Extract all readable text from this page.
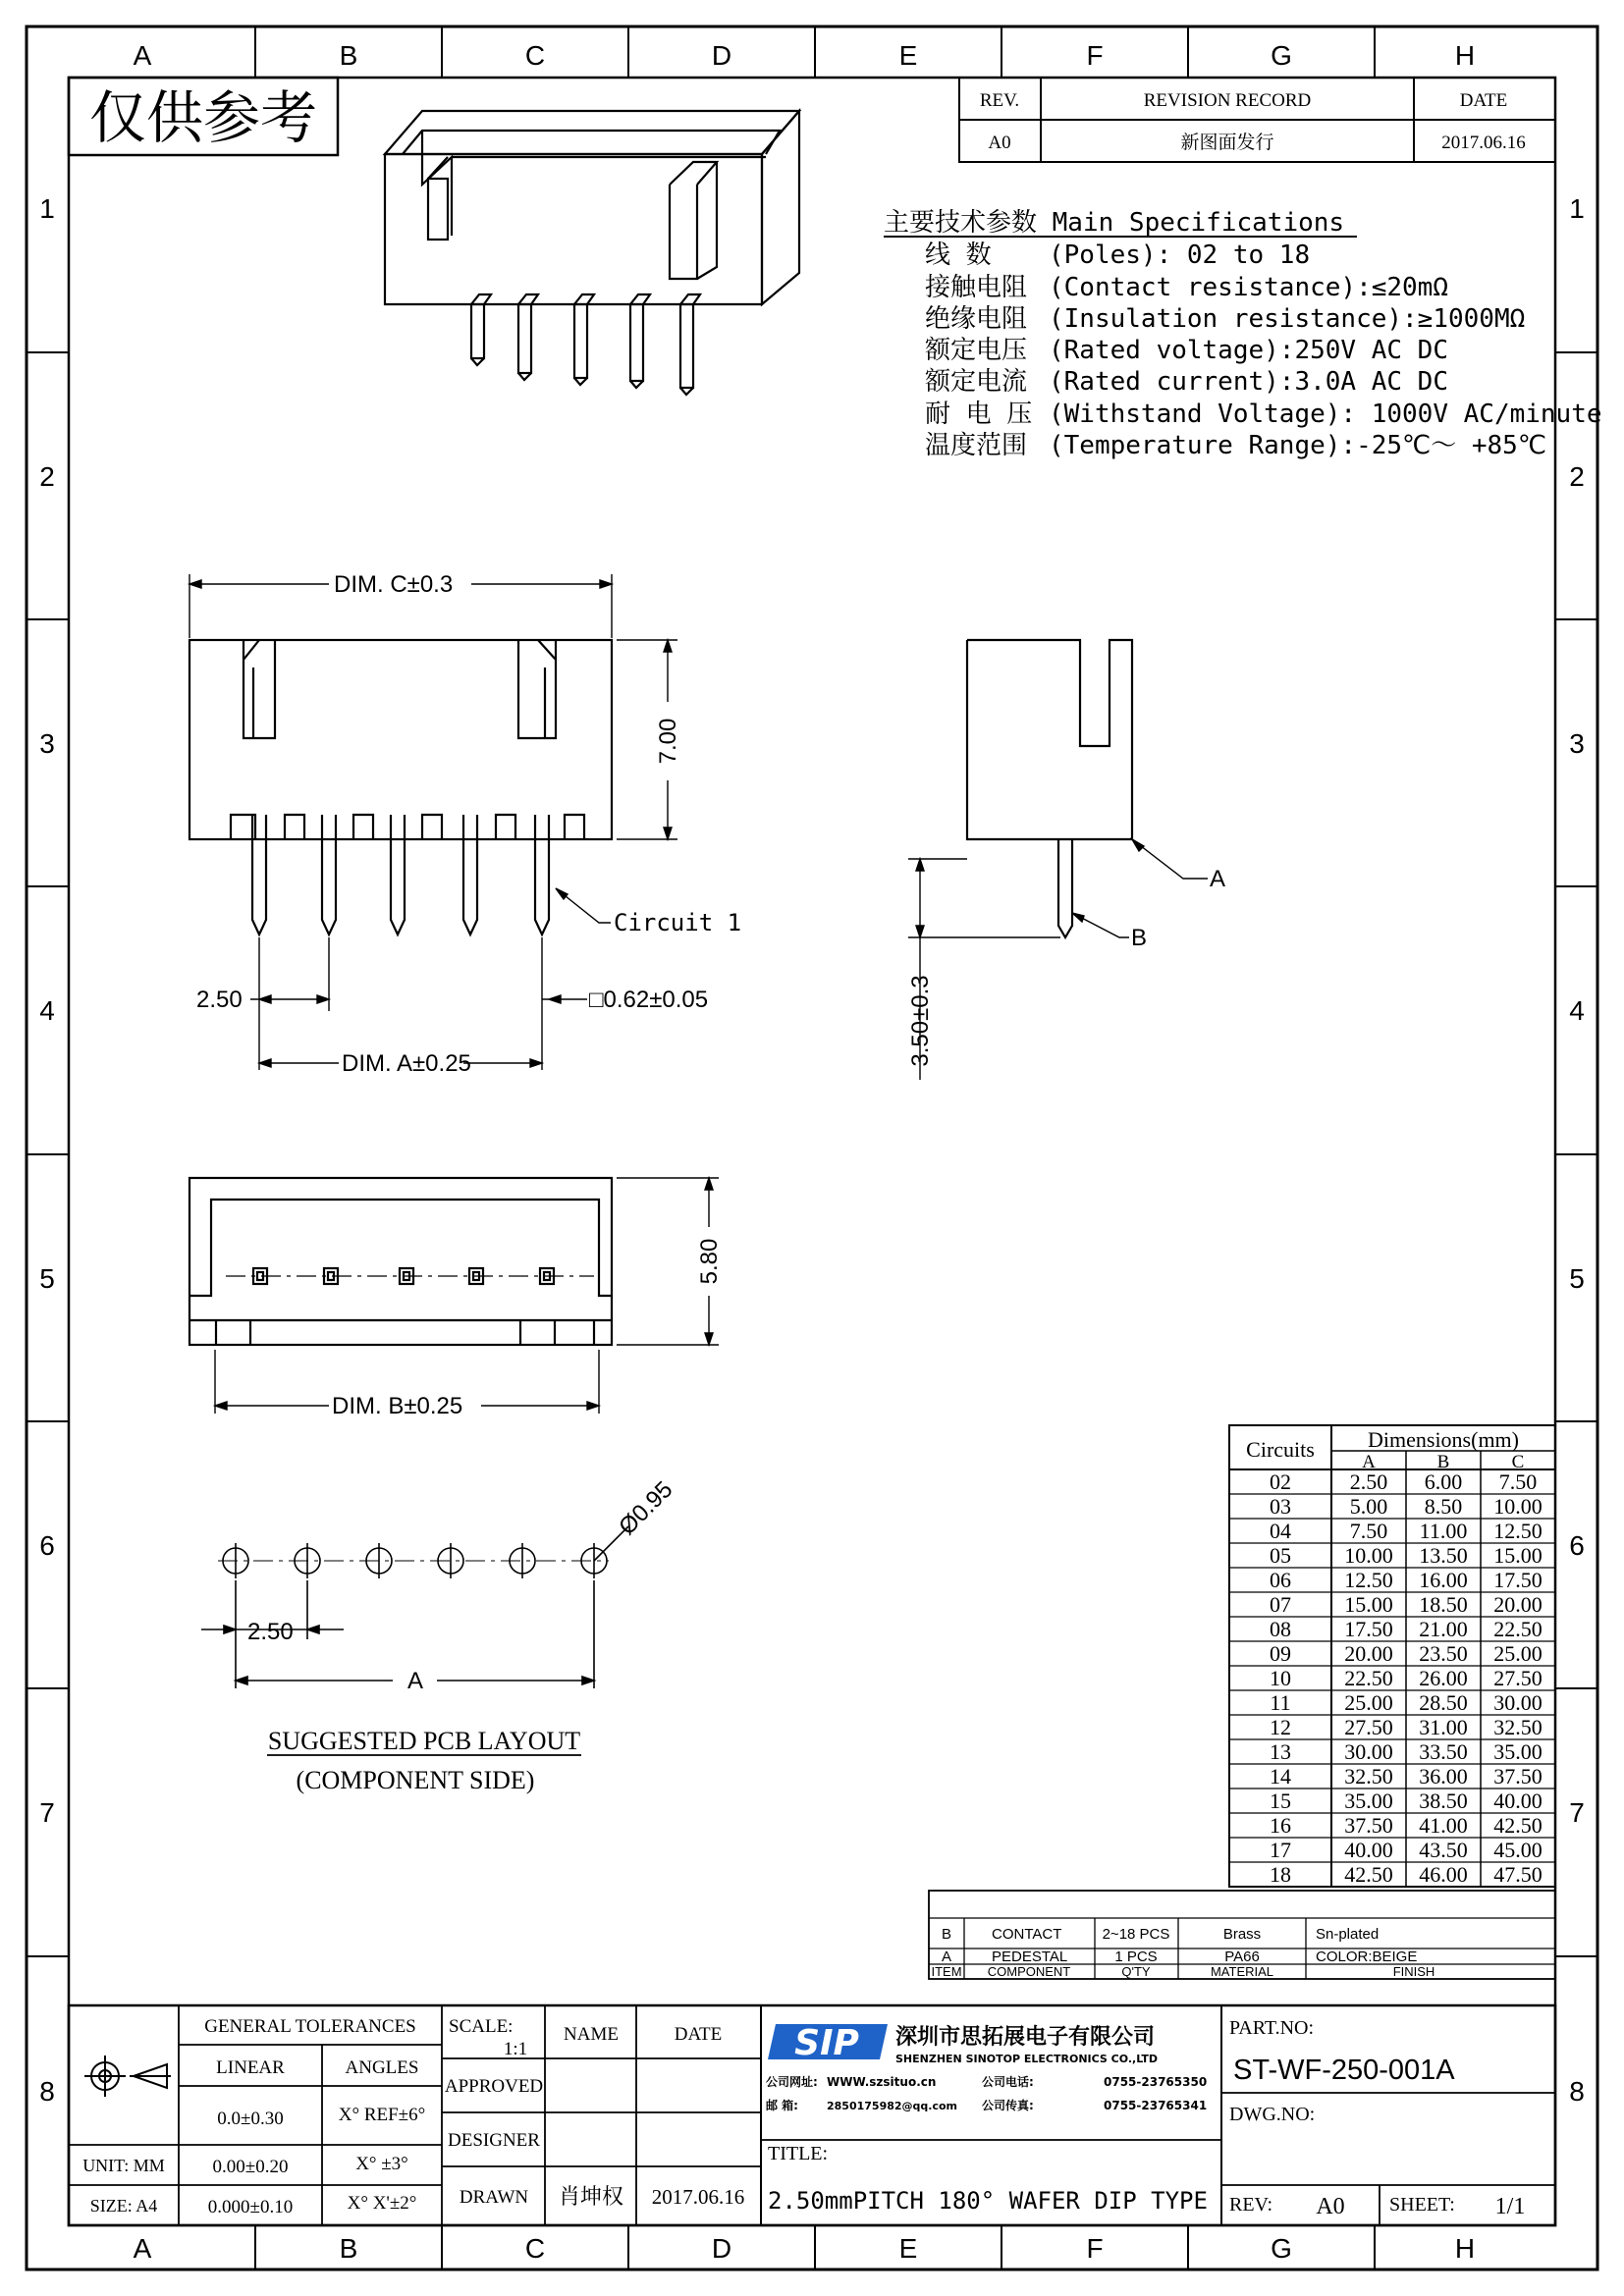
A	B	C	D	E	F	G	H
A	B	C	D	E	F	G	H
1
2
3
4
5
6
7
8
1
2
3
4
5
6
7
8
仅供参考	REV.	REVISION RECORD	DATE
A0	新图面发行	2017.06.16
主要技术参数 Main Specifications
线 数 (Poles): 02 to 18
接触电阻 (Contact resistance):≤20mΩ
绝缘电阻 (Insulation resistance):≥1000MΩ
额定电压 (Rated voltage):250V AC DC
额定电流 (Rated current):3.0A AC DC
耐 电 压 (Withstand Voltage): 1000V AC/minute
温度范围 (Temperature Range):-25℃～ +85℃
DIM. C±0.3
7.00
Circuit 1
2.50	□0.62±0.05
DIM. A±0.25	3.50±0.3
A
B
5.80
DIM. B±0.25
Ø0.95
2.50
A
SUGGESTED PCB LAYOUT
(COMPONENT SIDE)
Circuits Dimensions(mm)
A	B	C
02	2.50 6.00 7.50
03	5.00 8.50 10.00
04	7.50 11.00 12.50
05 10.00 13.50 15.00
06 12.50 16.00 17.50
07 15.00 18.50 20.00
08 17.50 21.00 22.50
09 20.00 23.50 25.00
10 22.50 26.00 27.50
11 25.00 28.50 30.00
12 27.50 31.00 32.50
13 30.00 33.50 35.00
14 32.50 36.00 37.50
15 35.00 38.50 40.00
16 37.50 41.00 42.50
17 40.00 43.50 45.00
18 42.50 46.00 47.50
B	CONTACT	2~18 PCS	Brass	Sn-plated
A	PEDESTAL	1 PCS	PA66	COLOR:BEIGE
ITEM COMPONENT	Q'TY	MATERIAL	FINISH
GENERAL TOLERANCES
LINEAR	ANGLES
0.0±0.30	X° REF±6°
0.00±0.20	X° ±3°
0.000±0.10	X° X'±2°
UNIT: MM
SIZE: A4
SCALE:
1:1
NAME	DATE
APPROVED
DESIGNER
DRAWN 肖坤权 2017.06.16
SIP 深圳市思拓展电子有限公司
SHENZHEN SINOTOP ELECTRONICS CO.,LTD
公司网址: WWW.szsituo.cn	公司电话:	0755-23765350
邮 箱:	2850175982@qq.com 公司传真:	0755-23765341
TITLE:
2.50mmPITCH 180° WAFER DIP TYPE
PART.NO:
ST-WF-250-001A
DWG.NO:
REV: A0 SHEET: 1/1
